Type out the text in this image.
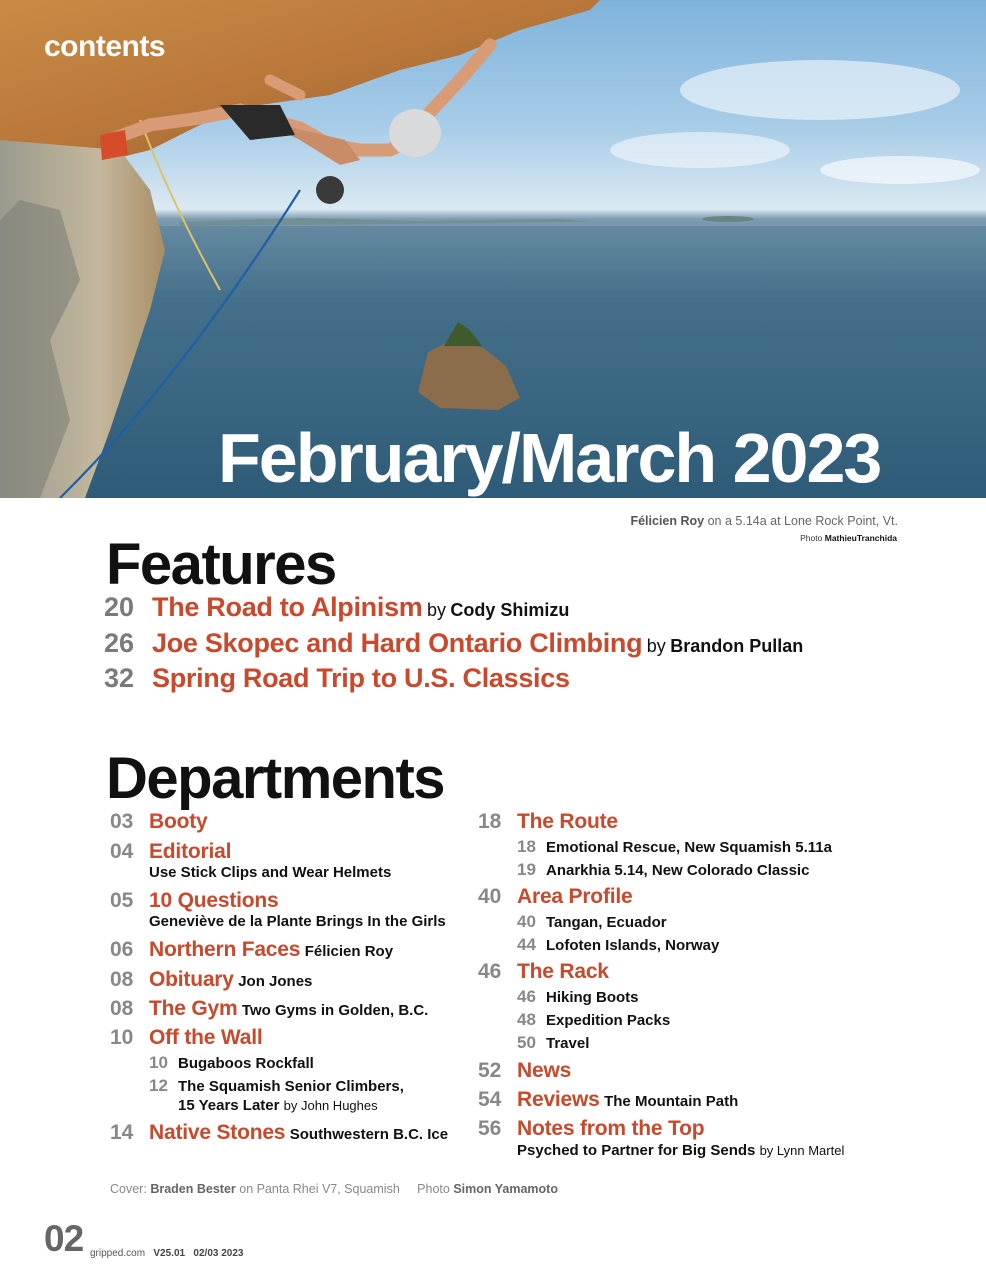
contents
February/March 2023
Félicien Roy on a 5.14a at Lone Rock Point, Vt.
Photo MathieuTranchida
Features
20 The Road to Alpinism by Cody Shimizu
26 Joe Skopec and Hard Ontario Climbing by Brandon Pullan
32 Spring Road Trip to U.S. Classics
Departments
03 Booty
04 Editorial
Use Stick Clips and Wear Helmets
05 10 Questions
Geneviève de la Plante Brings In the Girls
06 Northern Faces Félicien Roy
08 Obituary Jon Jones
08 The Gym Two Gyms in Golden, B.C.
10 Off the Wall
10 Bugaboos Rockfall
12 The Squamish Senior Climbers,
15 Years Later by John Hughes
14 Native Stones Southwestern B.C. Ice
18 The Route
18 Emotional Rescue, New Squamish 5.11a
19 Anarkhia 5.14, New Colorado Classic
40 Area Profile
40 Tangan, Ecuador
44 Lofoten Islands, Norway
46 The Rack
46 Hiking Boots
48 Expedition Packs
50 Travel
52 News
54 Reviews The Mountain Path
56 Notes from the Top
Psyched to Partner for Big Sends by Lynn Martel
Cover: Braden Bester on Panta Rhei V7, Squamish Photo Simon Yamamoto
02 gripped.com V25.01 02/03 2023
